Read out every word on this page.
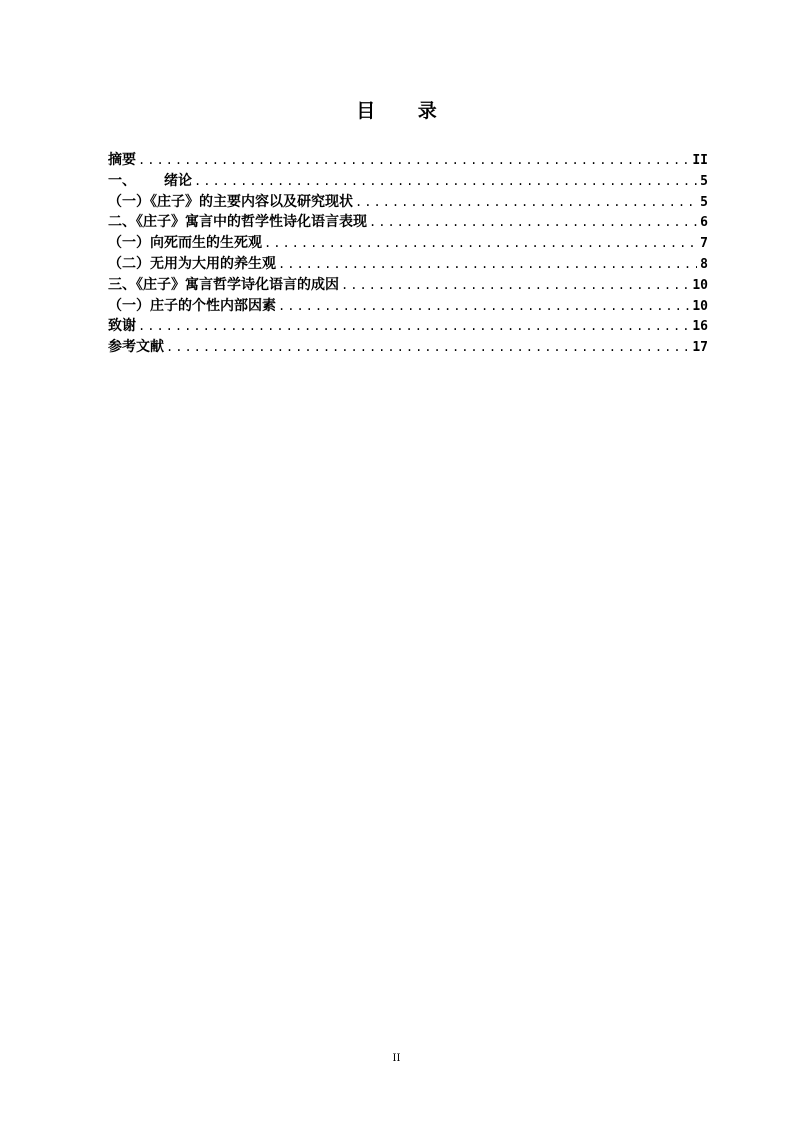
目 录
摘要 .....	II
一、 绪论 .....	5
（一）《庄子》的主要内容以及研究现状 .....	5
二、《庄子》寓言中的哲学性诗化语言表现 .....	6
（一）向死而生的生死观 .....	7
（二）无用为大用的养生观 .....	8
三、《庄子》寓言哲学诗化语言的成因 .....	10
（一）庄子的个性内部因素 .....	10
致谢 .....	16
参考文献 .....	17
II
